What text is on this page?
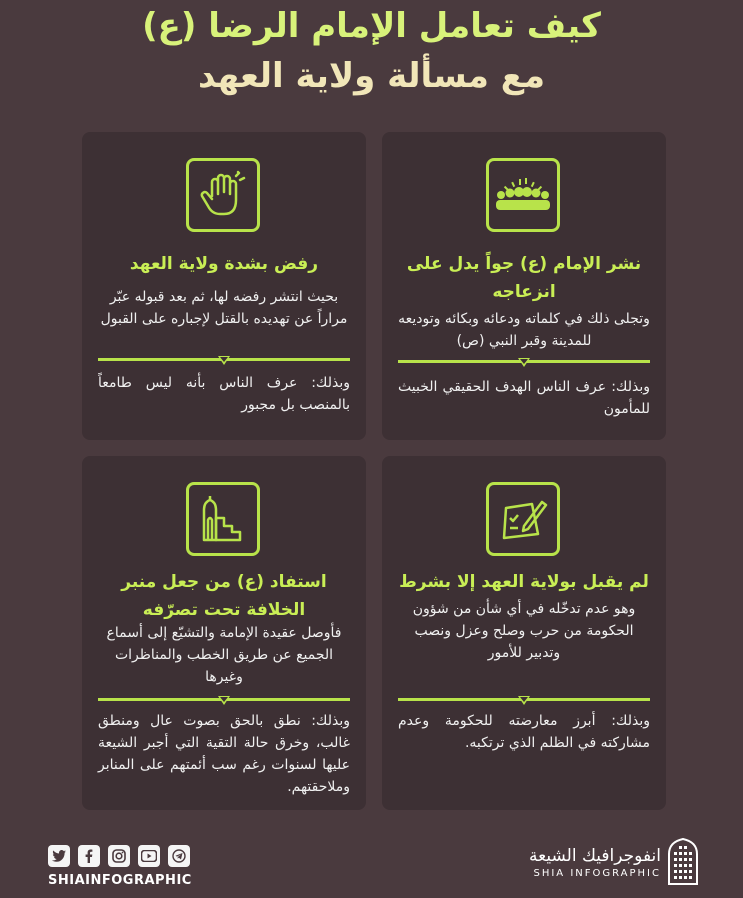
كيف تعامل الإمام الرضا (ع)
مع مسألة ولاية العهد
نشر الإمام (ع) جواً يدل على انزعاجه
وتجلى ذلك في كلماته ودعائه وبكائه وتوديعه للمدينة وقبر النبي (ص)
وبذلك: عرف الناس الهدف الحقيقي الخبيث للمأمون
رفض بشدة ولاية العهد
بحيث انتشر رفضه لها، ثم بعد قبوله عبّر مراراً عن تهديده بالقتل لإجباره على القبول
وبذلك: عرف الناس بأنه ليس طامعاً بالمنصب بل مجبور
لم يقبل بولاية العهد إلا بشرط
وهو عدم تدخّله في أي شأن من شؤون الحكومة من حرب وصلح وعزل ونصب وتدبير للأمور
وبذلك: أبرز معارضته للحكومة وعدم مشاركته في الظلم الذي ترتكبه.
استفاد (ع) من جعل منبر الخلافة تحت تصرّفه
فأوصل عقيدة الإمامة والتشيّع إلى أسماع الجميع عن طريق الخطب والمناظرات وغيرها
وبذلك: نطق بالحق بصوت عال ومنطق غالب، وخرق حالة التقية التي أجبر الشيعة عليها لسنوات رغم سب أئمتهم على المنابر وملاحقتهم.
SHIAINFOGRAPHIC
انفوجرافيك الشيعة
SHIA INFOGRAPHIC
